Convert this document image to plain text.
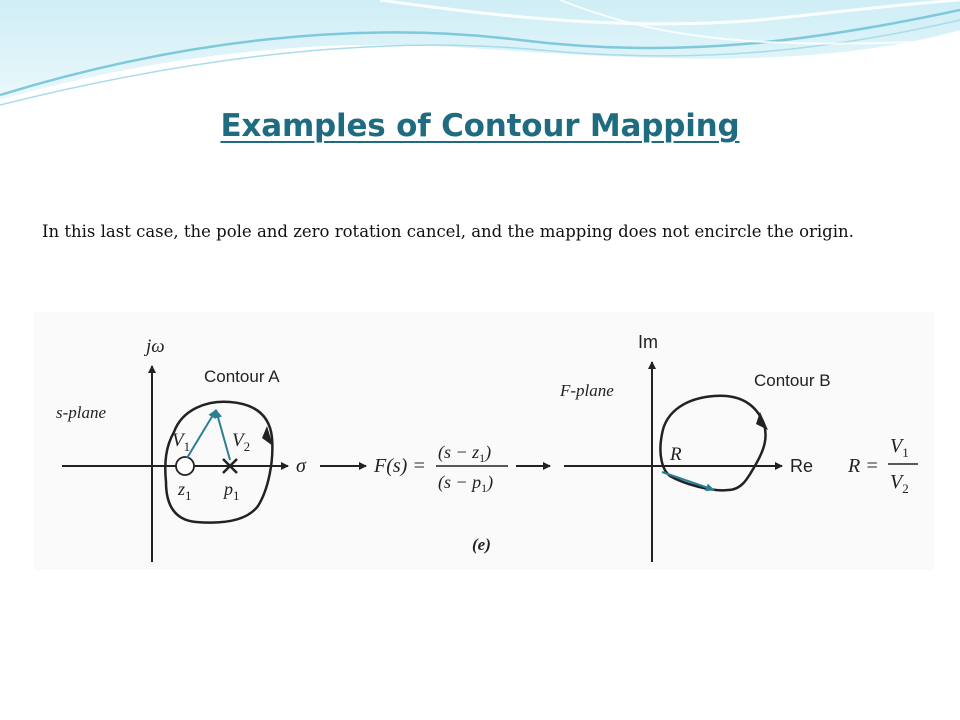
Examples of Contour Mapping

In this last case, the pole and zero rotation cancel, and the mapping does not encircle the origin.

jω
σ
s-plane
Contour A
$V_1$ $V_2$
$z_1$ $p_1$
F(s) =
$(s - z_1)$
$(s - p_1)$
Im
Re
F-plane
Contour B
R
R =
$V_1$
$V_2$
(e)
